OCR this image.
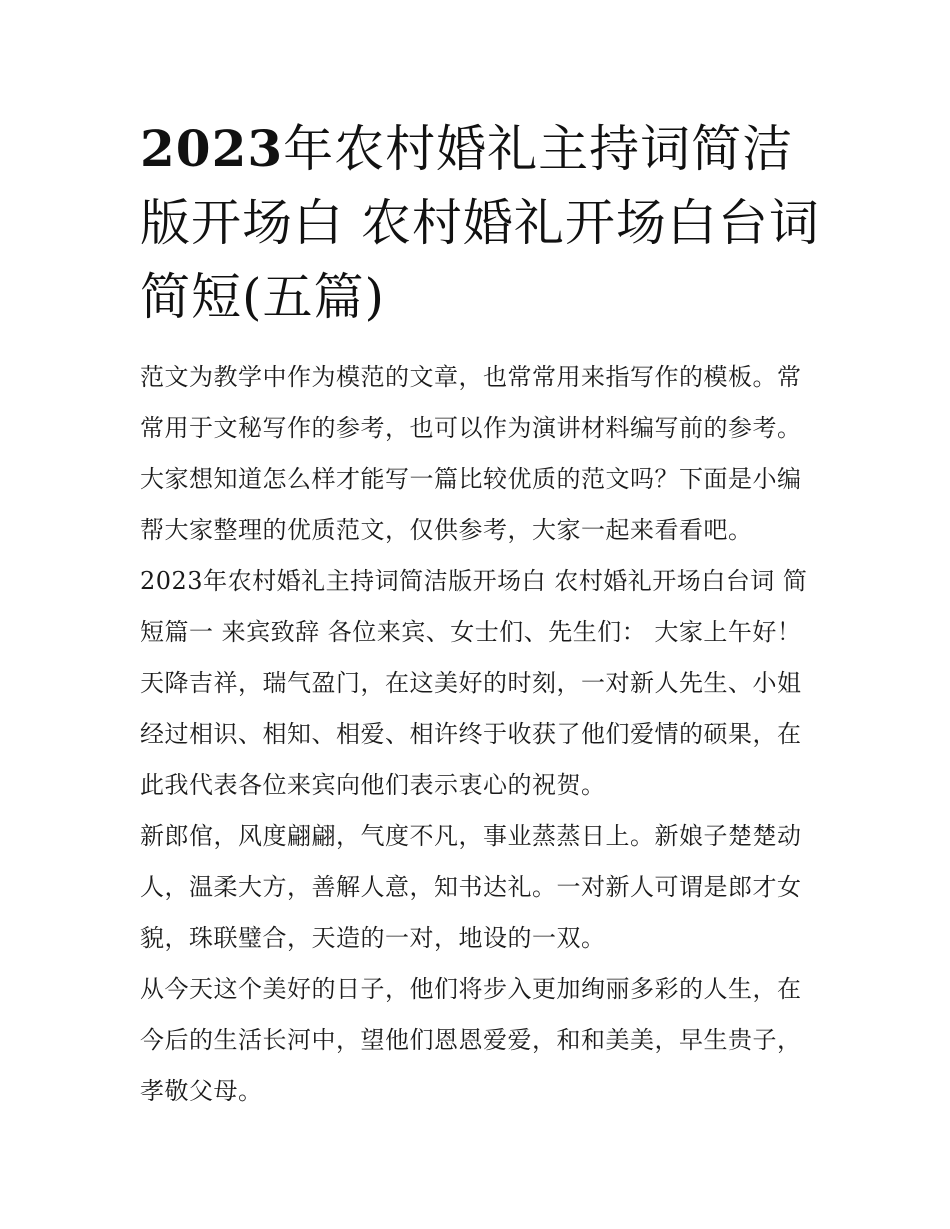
2023年农村婚礼主持词简洁版开场白 农村婚礼开场白台词简短(五篇)

范文为教学中作为模范的文章，也常常用来指写作的模板。常常用于文秘写作的参考，也可以作为演讲材料编写前的参考。大家想知道怎么样才能写一篇比较优质的范文吗？下面是小编帮大家整理的优质范文，仅供参考，大家一起来看看吧。

2023年农村婚礼主持词简洁版开场白 农村婚礼开场白台词 简短篇一 来宾致辞 各位来宾、女士们、先生们： 大家上午好！天降吉祥，瑞气盈门，在这美好的时刻，一对新人先生、小姐经过相识、相知、相爱、相许终于收获了他们爱情的硕果，在此我代表各位来宾向他们表示衷心的祝贺。

新郎倌，风度翩翩，气度不凡，事业蒸蒸日上。新娘子楚楚动人，温柔大方，善解人意，知书达礼。一对新人可谓是郎才女貌，珠联璧合，天造的一对，地设的一双。

从今天这个美好的日子，他们将步入更加绚丽多彩的人生，在今后的生活长河中，望他们恩恩爱爱，和和美美，早生贵子，孝敬父母。
